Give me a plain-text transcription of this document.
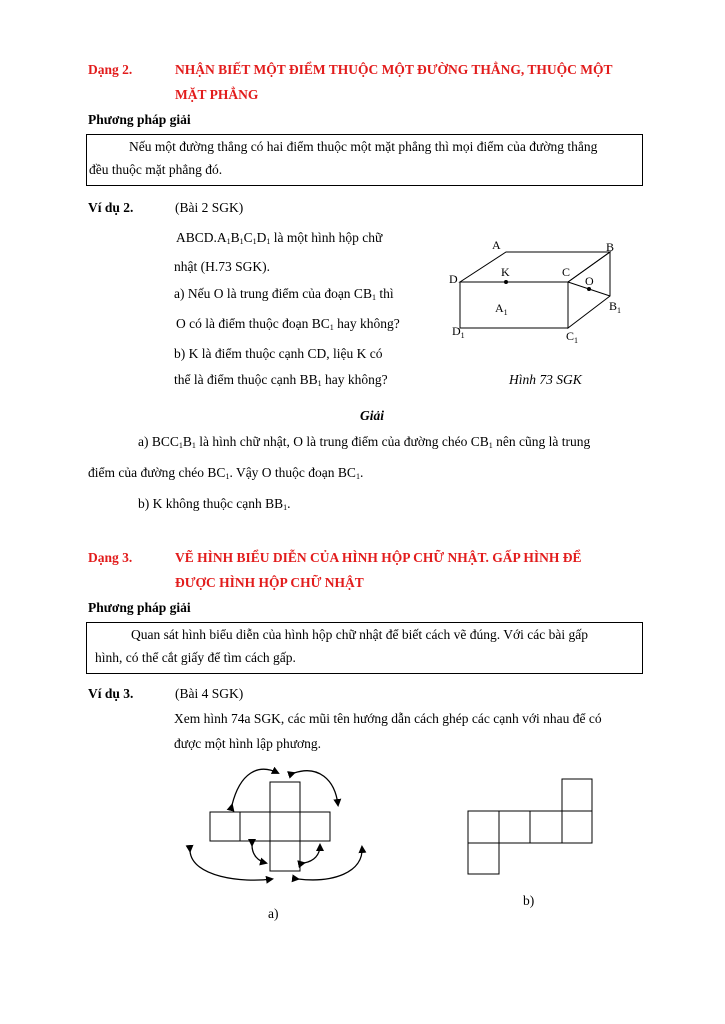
Dạng 2.	NHẬN BIẾT MỘT ĐIỂM THUỘC MỘT ĐƯỜNG THẲNG, THUỘC MỘT
MẶT PHẲNG
Phương pháp giải
Nếu một đường thẳng có hai điểm thuộc một mặt phẳng thì mọi điểm của đường thẳng
đều thuộc mặt phẳng đó.
Ví dụ 2.	(Bài 2 SGK)
$ABCD.A_1B_1C_1D_1$ là một hình hộp chữ
nhật (H.73 SGK).
a) Nếu O là trung điểm của đoạn $CB_1$ thì
O có là điểm thuộc đoạn $BC_1$ hay không?
b) K là điểm thuộc cạnh CD, liệu K có
thể là điểm thuộc cạnh $BB_1$ hay không?
A	B
C
D	K
O
$A_1$	$B_1$
$C_1$
$D_1$
Hình 73 SGK
Giải
a) $BCC_1B_1$ là hình chữ nhật, O là trung điểm của đường chéo $CB_1$ nên cũng là trung
điểm của đường chéo $BC_1$. Vậy O thuộc đoạn $BC_1$.
b) K không thuộc cạnh $BB_1$.
Dạng 3.	VẼ HÌNH BIỂU DIỄN CỦA HÌNH HỘP CHỮ NHẬT. GẤP HÌNH ĐỂ
ĐƯỢC HÌNH HỘP CHỮ NHẬT
Phương pháp giải
Quan sát hình biểu diễn của hình hộp chữ nhật để biết cách vẽ đúng. Với các bài gấp
hình, có thể cắt giấy để tìm cách gấp.
Ví dụ 3.	(Bài 4 SGK)
Xem hình 74a SGK, các mũi tên hướng dẫn cách ghép các cạnh với nhau để có
được một hình lập phương.
a)
b)
